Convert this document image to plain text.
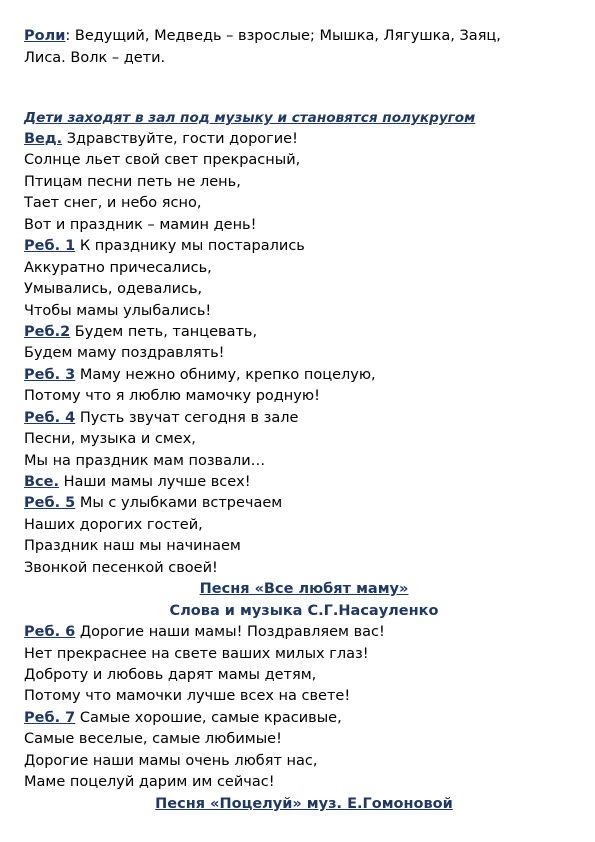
Роли: Ведущий, Медведь – взрослые; Мышка, Лягушка, Заяц,
Лиса. Волк – дети.
Дети заходят в зал под музыку и становятся полукругом
Вед. Здравствуйте, гости дорогие!
Солнце льет свой свет прекрасный,
Птицам песни петь не лень,
Тает снег, и небо ясно,
Вот и праздник – мамин день!
Реб. 1 К празднику мы постарались
Аккуратно причесались,
Умывались, одевались,
Чтобы мамы улыбались!
Реб.2 Будем петь, танцевать,
Будем маму поздравлять!
Реб. 3 Маму нежно обниму, крепко поцелую,
Потому что я люблю мамочку родную!
Реб. 4 Пусть звучат сегодня в зале
Песни, музыка и смех,
Мы на праздник мам позвали…
Все. Наши мамы лучше всех!
Реб. 5 Мы с улыбками встречаем
Наших дорогих гостей,
Праздник наш мы начинаем
Звонкой песенкой своей!
Песня «Все любят маму»
Слова и музыка С.Г.Насауленко
Реб. 6 Дорогие наши мамы! Поздравляем вас!
Нет прекраснее на свете ваших милых глаз!
Доброту и любовь дарят мамы детям,
Потому что мамочки лучше всех на свете!
Реб. 7 Самые хорошие, самые красивые,
Самые веселые, самые любимые!
Дорогие наши мамы очень любят нас,
Маме поцелуй дарим им сейчас!
Песня «Поцелуй» муз. Е.Гомоновой
